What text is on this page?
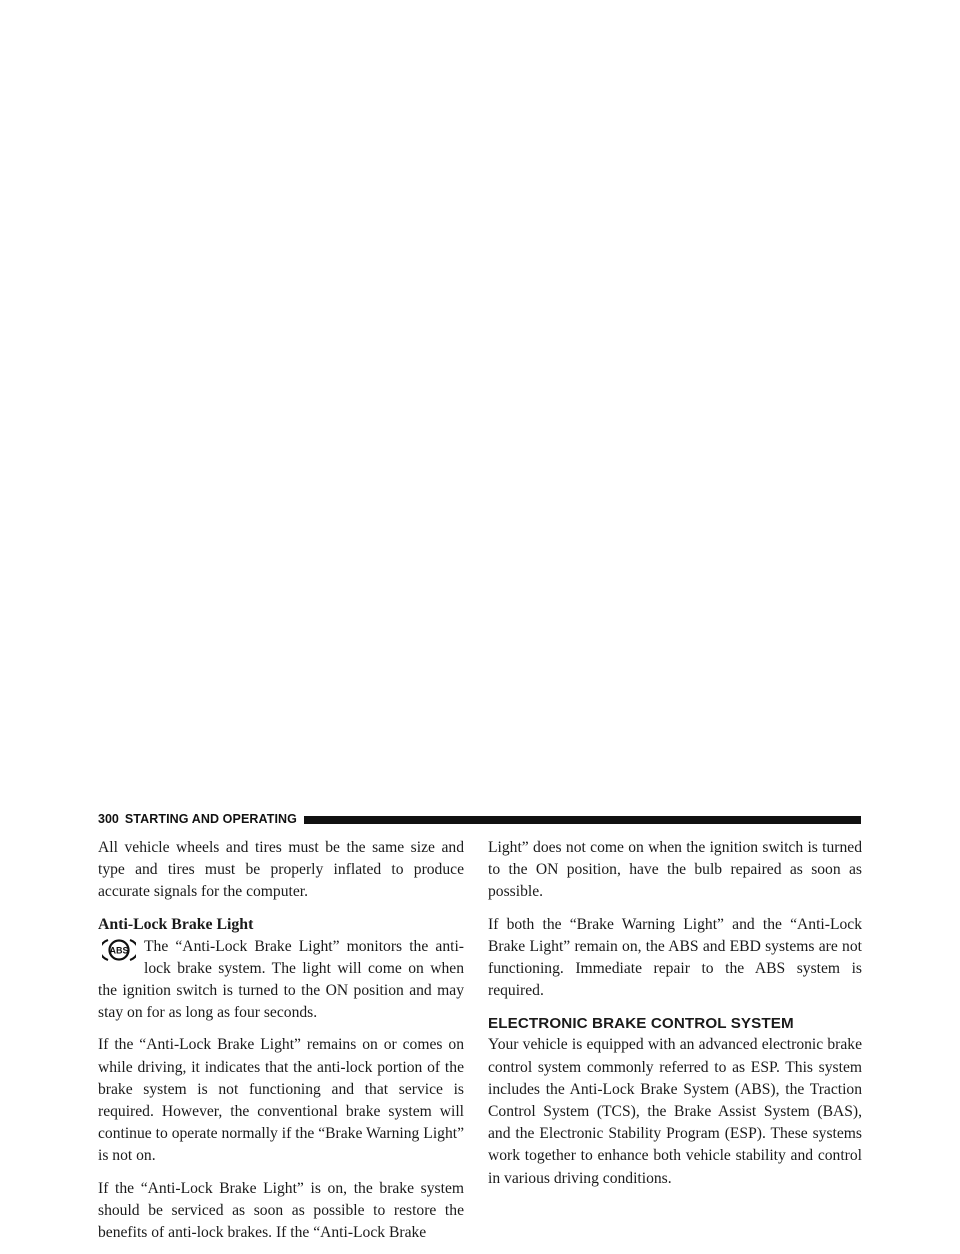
300 STARTING AND OPERATING

All vehicle wheels and tires must be the same size and type and tires must be properly inflated to produce accurate signals for the computer.

Anti-Lock Brake Light
ABS The “Anti-Lock Brake Light” monitors the anti-lock brake system. The light will come on when the ignition switch is turned to the ON position and may stay on for as long as four seconds.

If the “Anti-Lock Brake Light” remains on or comes on while driving, it indicates that the anti-lock portion of the brake system is not functioning and that service is required. However, the conventional brake system will continue to operate normally if the “Brake Warning Light” is not on.

If the “Anti-Lock Brake Light” is on, the brake system should be serviced as soon as possible to restore the benefits of anti-lock brakes. If the “Anti-Lock Brake

Light” does not come on when the ignition switch is turned to the ON position, have the bulb repaired as soon as possible.

If both the “Brake Warning Light” and the “Anti-Lock Brake Light” remain on, the ABS and EBD systems are not functioning. Immediate repair to the ABS system is required.

ELECTRONIC BRAKE CONTROL SYSTEM

Your vehicle is equipped with an advanced electronic brake control system commonly referred to as ESP. This system includes the Anti-Lock Brake System (ABS), the Traction Control System (TCS), the Brake Assist System (BAS), and the Electronic Stability Program (ESP). These systems work together to enhance both vehicle stability and control in various driving conditions.
